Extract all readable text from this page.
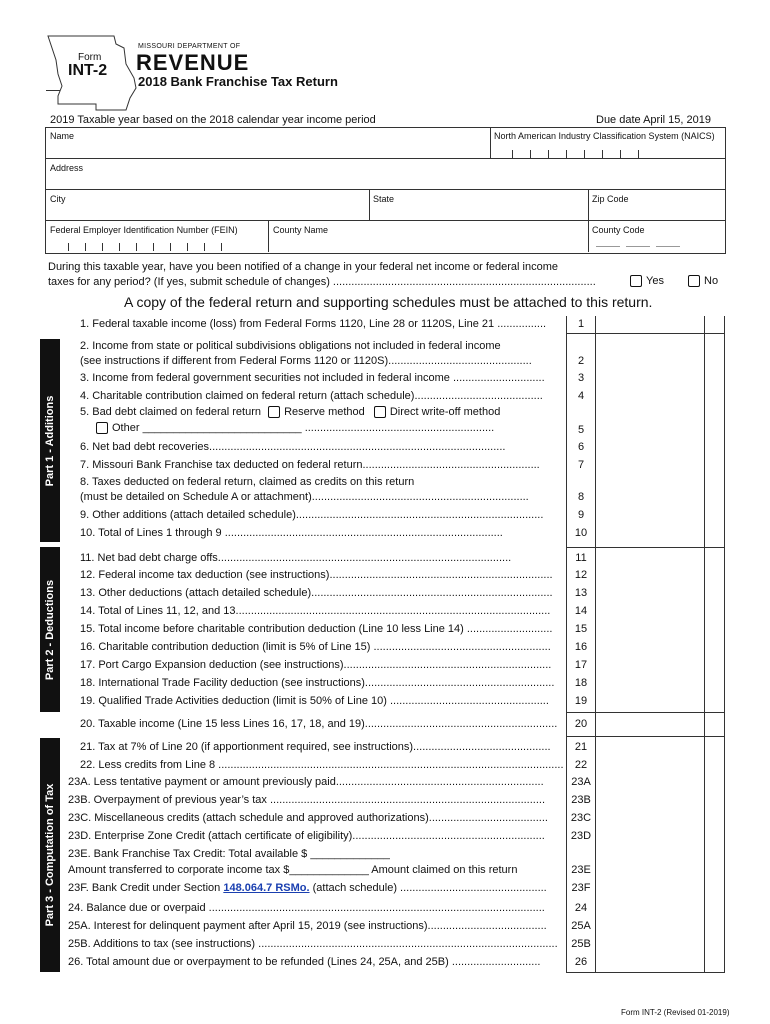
Form
INT-2
MISSOURI DEPARTMENT OF
REVENUE
2018 Bank Franchise Tax Return
2019 Taxable year based on the 2018 calendar year income period	Due date April 15, 2019
Name	North American Industry Classification System (NAICS)
Address
City	State	Zip Code
Federal Employer Identification Number (FEIN)	County Name	County Code
During this taxable year, have you been notified of a change in your federal net income or federal income
taxes for any period? (If yes, submit schedule of changes) ......................................................................................	Yes	No
A copy of the federal return and supporting schedules must be attached to this return.
Part 1 - Additions
Part 2 - Deductions
Part 3 - Computation of Tax
1. Federal taxable income (loss) from Federal Forms 1120, Line 28 or 1120S, Line 21 ................	1
2. Income from state or political subdivisions obligations not included in federal income
(see instructions if different from Federal Forms 1120 or 1120S)...............................................	2
3. Income from federal government securities not included in federal income ..............................	3
4. Charitable contribution claimed on federal return (attach schedule)..........................................	4
5. Bad debt claimed on federal return Reserve method Direct write-off method
Other __________________________ ..............................................................	5
6. Net bad debt recoveries.................................................................................................	6
7. Missouri Bank Franchise tax deducted on federal return..........................................................	7
8. Taxes deducted on federal return, claimed as credits on this return
(must be detailed on Schedule A or attachment).......................................................................	8
9. Other additions (attach detailed schedule).................................................................................	9
10. Total of Lines 1 through 9 ...........................................................................................	10
11. Net bad debt charge offs................................................................................................	11
12. Federal income tax deduction (see instructions).........................................................................	12
13. Other deductions (attach detailed schedule)...............................................................................	13
14. Total of Lines 11, 12, and 13.......................................................................................................	14
15. Total income before charitable contribution deduction (Line 10 less Line 14) ............................	15
16. Charitable contribution deduction (limit is 5% of Line 15) ..........................................................	16
17. Port Cargo Expansion deduction (see instructions)....................................................................	17
18. International Trade Facility deduction (see instructions)..............................................................	18
19. Qualified Trade Activities deduction (limit is 50% of Line 10) ....................................................	19
20. Taxable income (Line 15 less Lines 16, 17, 18, and 19)...............................................................	20
21. Tax at 7% of Line 20 (if apportionment required, see instructions).............................................	21
22. Less credits from Line 8 .................................................................................................................	22
23A. Less tentative payment or amount previously paid....................................................................	23A
23B. Overpayment of previous year’s tax ..........................................................................................	23B
23C. Miscellaneous credits (attach schedule and approved authorizations).......................................	23C
23D. Enterprise Zone Credit (attach certificate of eligibility)...............................................................	23D
23E. Bank Franchise Tax Credit: Total available $ _____________
Amount transferred to corporate income tax $_____________ Amount claimed on this return	23E
23F. Bank Credit under Section 148.064.7 RSMo. (attach schedule) ................................................	23F
24. Balance due or overpaid ..............................................................................................................	24
25A. Interest for delinquent payment after April 15, 2019 (see instructions).......................................	25A
25B. Additions to tax (see instructions) ..................................................................................................	25B
26. Total amount due or overpayment to be refunded (Lines 24, 25A, and 25B) .............................	26
Form INT-2 (Revised 01-2019)
